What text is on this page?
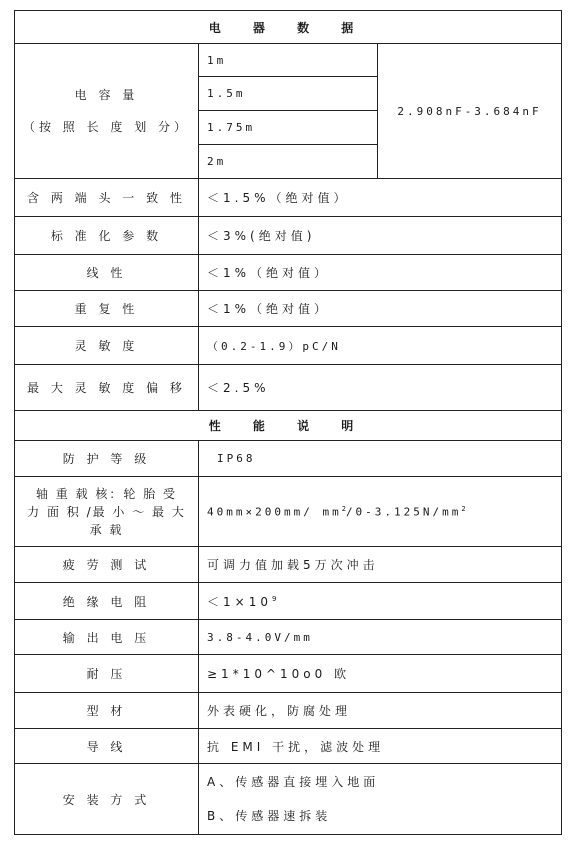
电 器 数 据		

电 容 量
（按 照 长 度 划 分）	1m	2.908nF-3.684nF
	1.5m	
	1.75m	
	2m	
含 两 端 头 一 致 性	＜1.5%（绝对值）	
标 准 化 参 数	＜3%(绝对值)	
线 性	＜1%（绝对值）	
重 复 性	＜1%（绝对值）	
灵 敏 度	（0.2-1.9）pC/N	
最 大 灵 敏 度 偏 移	＜2.5%	
性 能 说 明		
防 护 等 级	IP68	

轴 重 载 核：轮 胎 受
力 面 积 /最 小 ～ 最 大
承 载	40mm×200mm/ $mm^2/0-3.125N/mm^2$
疲 劳 测 试	可调力值加载5万次冲击	
绝 缘 电 阻	$<1\times 10^9$
输 出 电 压	3.8-4.0V/mm	
耐 压	≥1*10^10o0 欧	
型 材	外表硬化，防腐处理	
导 线	抗 EMI 干扰，滤波处理	
安 装 方 式	A、传感器直接埋入地面
B、传感器速拆装	
